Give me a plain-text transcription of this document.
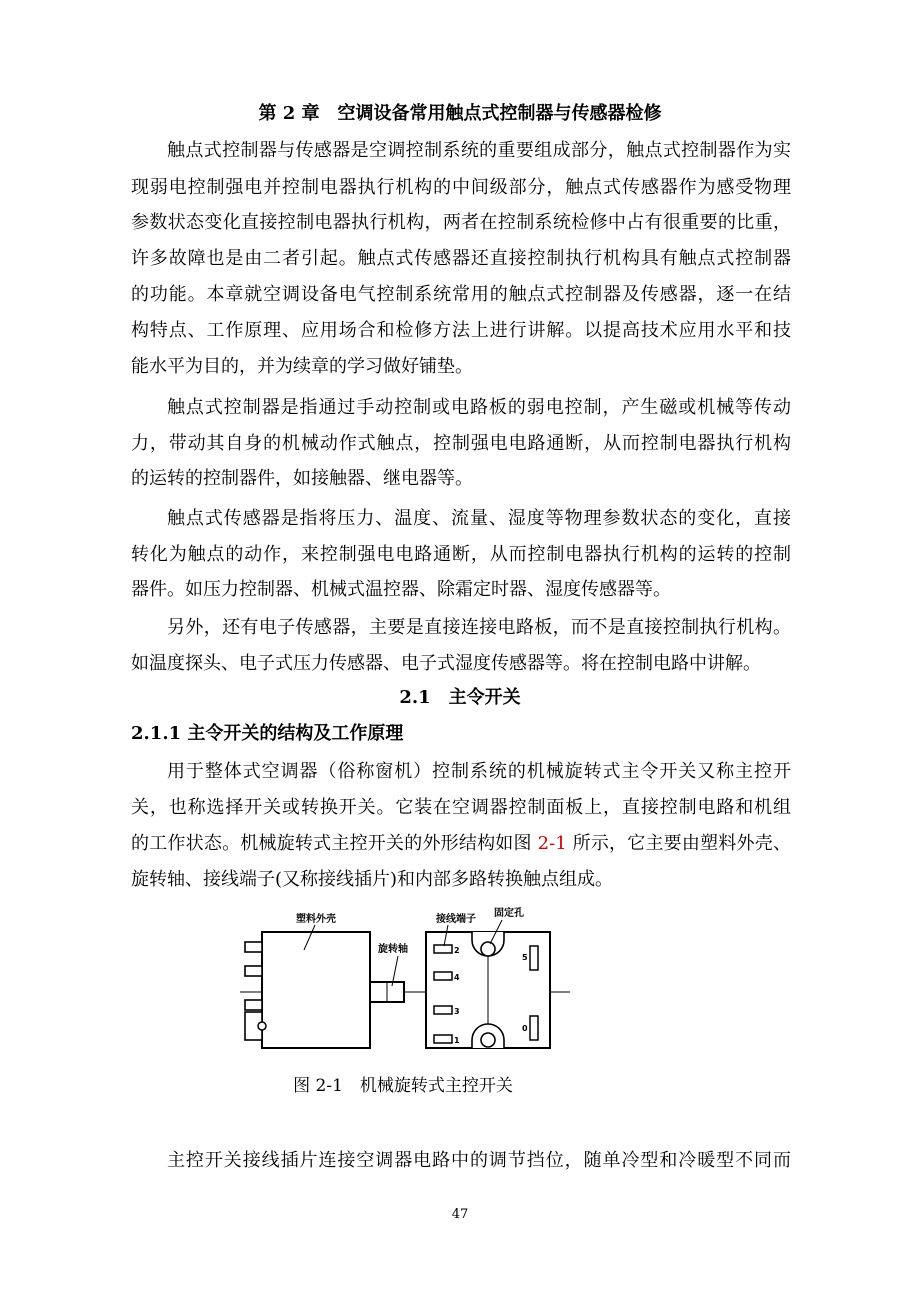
第 2 章　空调设备常用触点式控制器与传感器检修
触点式控制器与传感器是空调控制系统的重要组成部分，触点式控制器作为实
现弱电控制强电并控制电器执行机构的中间级部分，触点式传感器作为感受物理
参数状态变化直接控制电器执行机构，两者在控制系统检修中占有很重要的比重，
许多故障也是由二者引起。触点式传感器还直接控制执行机构具有触点式控制器
的功能。本章就空调设备电气控制系统常用的触点式控制器及传感器，逐一在结
构特点、工作原理、应用场合和检修方法上进行讲解。以提高技术应用水平和技
能水平为目的，并为续章的学习做好铺垫。
触点式控制器是指通过手动控制或电路板的弱电控制，产生磁或机械等传动
力，带动其自身的机械动作式触点，控制强电电路通断，从而控制电器执行机构
的运转的控制器件，如接触器、继电器等。
触点式传感器是指将压力、温度、流量、湿度等物理参数状态的变化，直接
转化为触点的动作，来控制强电电路通断，从而控制电器执行机构的运转的控制
器件。如压力控制器、机械式温控器、除霜定时器、湿度传感器等。
另外，还有电子传感器，主要是直接连接电路板，而不是直接控制执行机构。
如温度探头、电子式压力传感器、电子式湿度传感器等。将在控制电路中讲解。
2.1　主令开关
2.1.1 主令开关的结构及工作原理
用于整体式空调器（俗称窗机）控制系统的机械旋转式主令开关又称主控开
关，也称选择开关或转换开关。它装在空调器控制面板上，直接控制电路和机组
的工作状态。机械旋转式主控开关的外形结构如图 2-1 所示，它主要由塑料外壳、
旋转轴、接线端子(又称接线插片)和内部多路转换触点组成。
塑料外壳
旋转轴	2
4
3
1
5
0
接线端子
固定孔
图 2-1　机械旋转式主控开关
主控开关接线插片连接空调器电路中的调节挡位，随单冷型和冷暖型不同而
47
